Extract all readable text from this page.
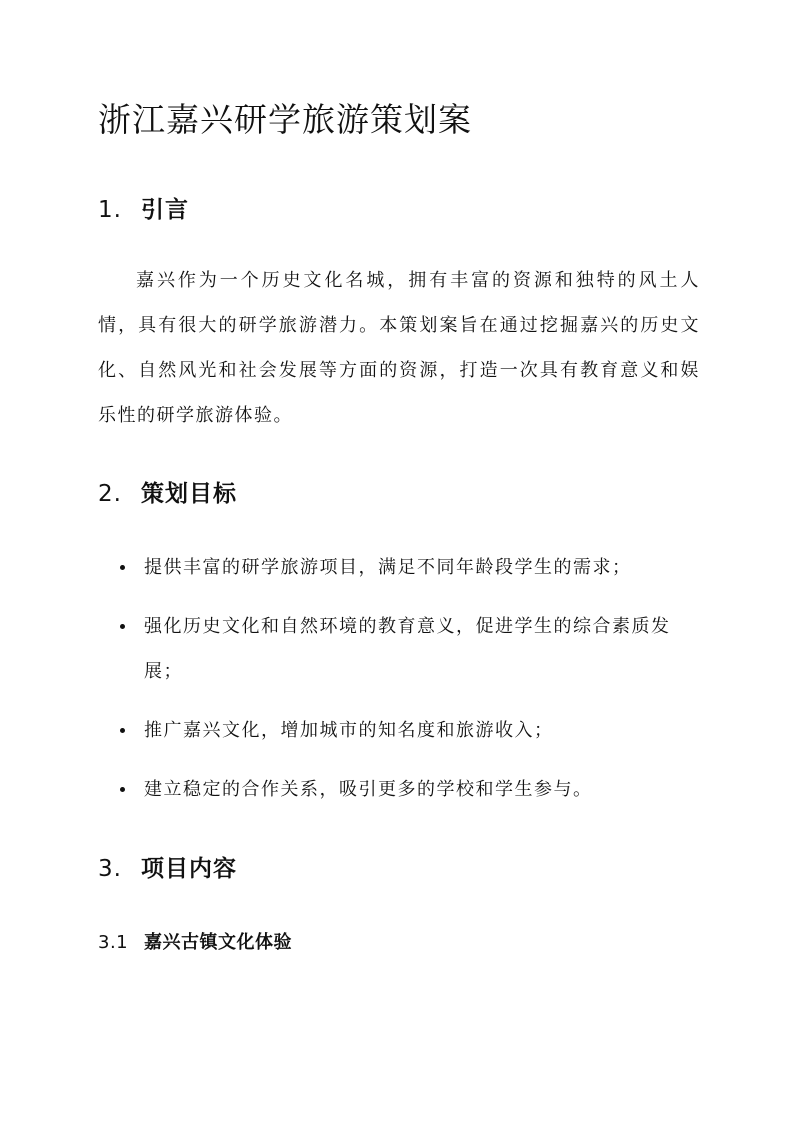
浙江嘉兴研学旅游策划案
1. 引言

嘉兴作为一个历史文化名城，拥有丰富的资源和独特的风土人情，具有很大的研学旅游潜力。本策划案旨在通过挖掘嘉兴的历史文化、自然风光和社会发展等方面的资源，打造一次具有教育意义和娱乐性的研学旅游体验。

2. 策划目标
提供丰富的研学旅游项目，满足不同年龄段学生的需求；
强化历史文化和自然环境的教育意义，促进学生的综合素质发展；
推广嘉兴文化，增加城市的知名度和旅游收入；
建立稳定的合作关系，吸引更多的学校和学生参与。
3. 项目内容
3.1 嘉兴古镇文化体验
